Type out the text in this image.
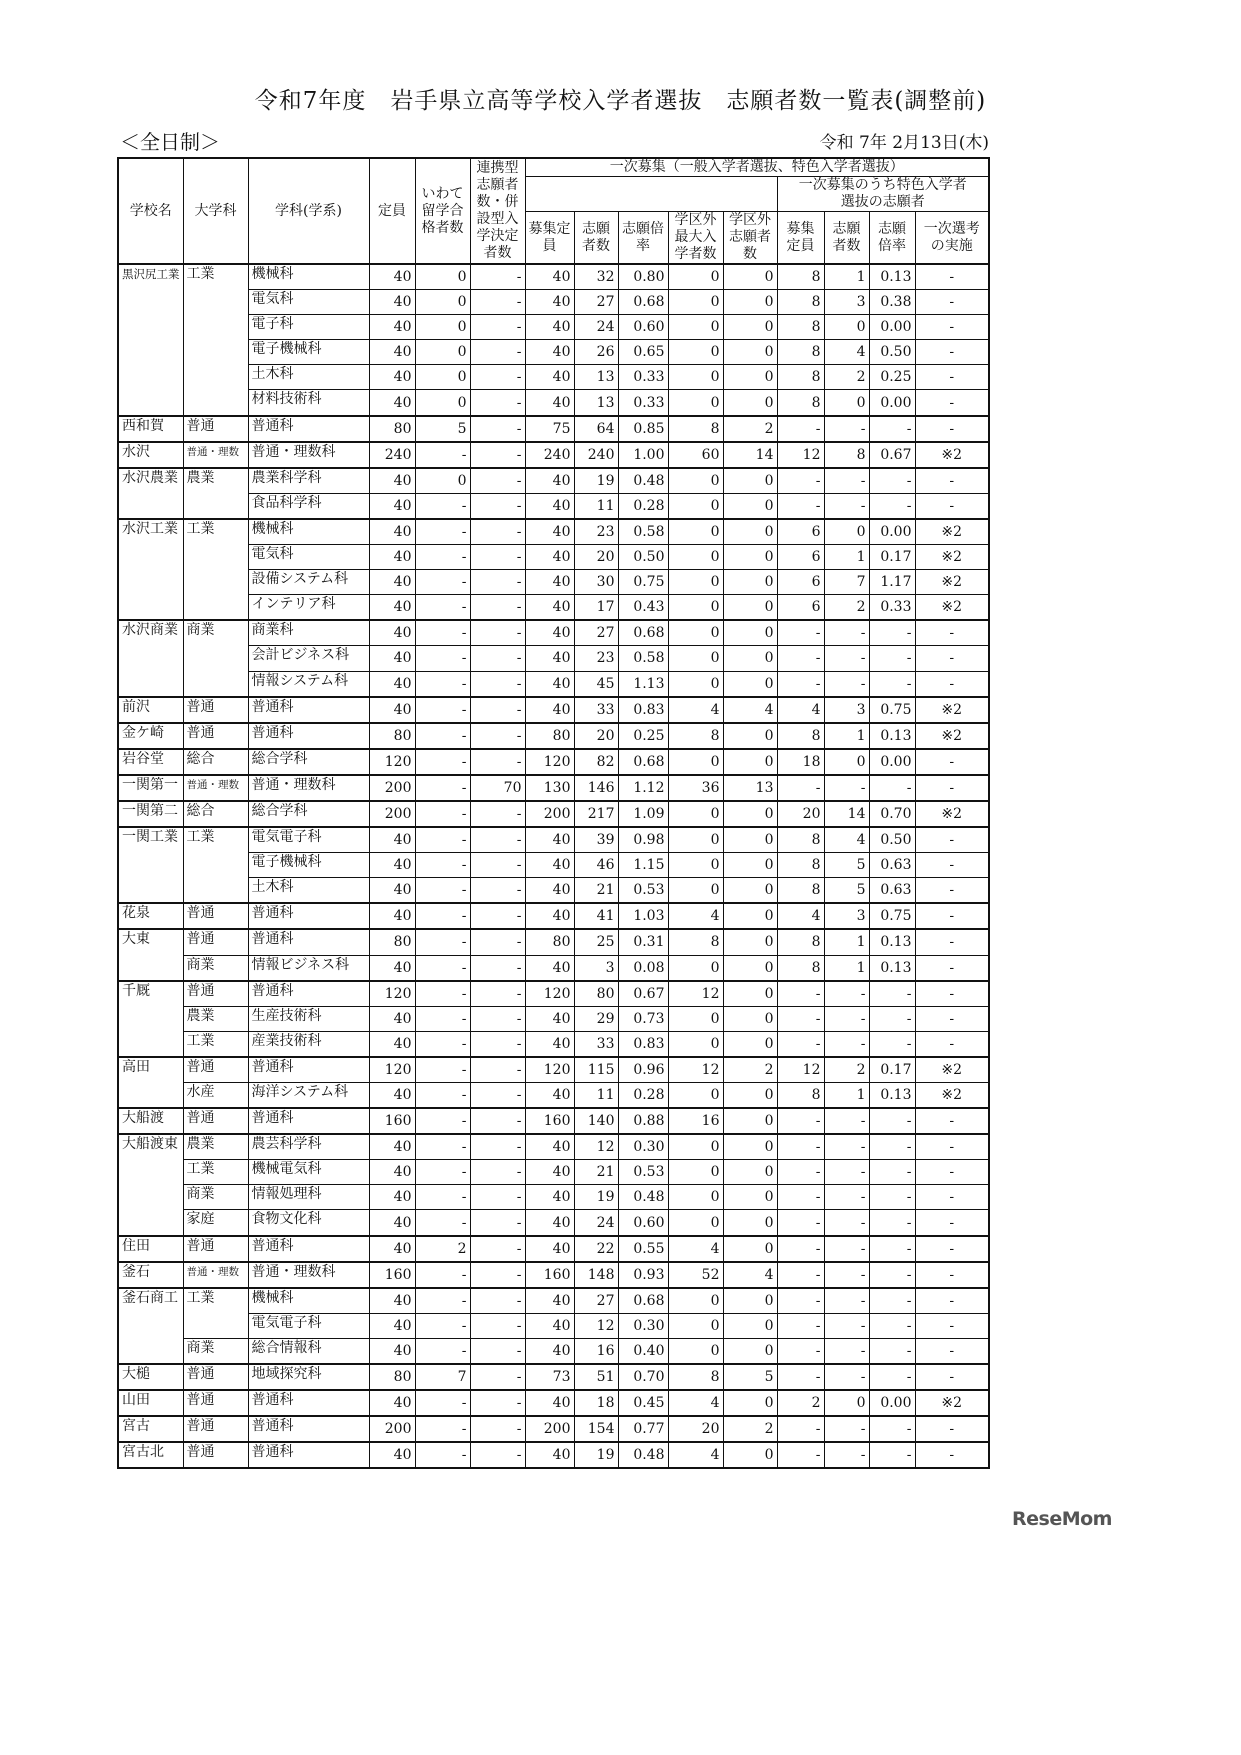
令和7年度　岩手県立高等学校入学者選抜　志願者数一覧表(調整前)
＜全日制＞	令和 7年 2月13日(木)
学校名	大学科	学科(学系)	定員	いわて留学合格者数	連携型志願者数・併設型入学決定者数	一次募集（一般入学者選抜、特色入学者選抜）								
											一次募集のうち特色入学者選抜の志願者			
						募集定員	志願者数	志願倍率	学区外最大入学者数	学区外志願者数	募集定員	志願者数	志願倍率	一次選考の実施
黒沢尻工業	工業	機械科	40	0	-	40	32	0.80	0	0	8	1	0.13	-
		電気科	40	0	-	40	27	0.68	0	0	8	3	0.38	-
		電子科	40	0	-	40	24	0.60	0	0	8	0	0.00	-
		電子機械科	40	0	-	40	26	0.65	0	0	8	4	0.50	-
		土木科	40	0	-	40	13	0.33	0	0	8	2	0.25	-
		材料技術科	40	0	-	40	13	0.33	0	0	8	0	0.00	-
西和賀	普通	普通科	80	5	-	75	64	0.85	8	2	-	-	-	-
水沢	普通・理数	普通・理数科	240	-	-	240	240	1.00	60	14	12	8	0.67	※2
水沢農業	農業	農業科学科	40	0	-	40	19	0.48	0	0	-	-	-	-
		食品科学科	40	-	-	40	11	0.28	0	0	-	-	-	-
水沢工業	工業	機械科	40	-	-	40	23	0.58	0	0	6	0	0.00	※2
		電気科	40	-	-	40	20	0.50	0	0	6	1	0.17	※2
		設備システム科	40	-	-	40	30	0.75	0	0	6	7	1.17	※2
		インテリア科	40	-	-	40	17	0.43	0	0	6	2	0.33	※2
水沢商業	商業	商業科	40	-	-	40	27	0.68	0	0	-	-	-	-
		会計ビジネス科	40	-	-	40	23	0.58	0	0	-	-	-	-
		情報システム科	40	-	-	40	45	1.13	0	0	-	-	-	-
前沢	普通	普通科	40	-	-	40	33	0.83	4	4	4	3	0.75	※2
金ケ崎	普通	普通科	80	-	-	80	20	0.25	8	0	8	1	0.13	※2
岩谷堂	総合	総合学科	120	-	-	120	82	0.68	0	0	18	0	0.00	-
一関第一	普通・理数	普通・理数科	200	-	70	130	146	1.12	36	13	-	-	-	-
一関第二	総合	総合学科	200	-	-	200	217	1.09	0	0	20	14	0.70	※2
一関工業	工業	電気電子科	40	-	-	40	39	0.98	0	0	8	4	0.50	-
		電子機械科	40	-	-	40	46	1.15	0	0	8	5	0.63	-
		土木科	40	-	-	40	21	0.53	0	0	8	5	0.63	-
花泉	普通	普通科	40	-	-	40	41	1.03	4	0	4	3	0.75	-
大東	普通	普通科	80	-	-	80	25	0.31	8	0	8	1	0.13	-
	商業	情報ビジネス科	40	-	-	40	3	0.08	0	0	8	1	0.13	-
千厩	普通	普通科	120	-	-	120	80	0.67	12	0	-	-	-	-
	農業	生産技術科	40	-	-	40	29	0.73	0	0	-	-	-	-
	工業	産業技術科	40	-	-	40	33	0.83	0	0	-	-	-	-
高田	普通	普通科	120	-	-	120	115	0.96	12	2	12	2	0.17	※2
	水産	海洋システム科	40	-	-	40	11	0.28	0	0	8	1	0.13	※2
大船渡	普通	普通科	160	-	-	160	140	0.88	16	0	-	-	-	-
大船渡東	農業	農芸科学科	40	-	-	40	12	0.30	0	0	-	-	-	-
	工業	機械電気科	40	-	-	40	21	0.53	0	0	-	-	-	-
	商業	情報処理科	40	-	-	40	19	0.48	0	0	-	-	-	-
	家庭	食物文化科	40	-	-	40	24	0.60	0	0	-	-	-	-
住田	普通	普通科	40	2	-	40	22	0.55	4	0	-	-	-	-
釜石	普通・理数	普通・理数科	160	-	-	160	148	0.93	52	4	-	-	-	-
釜石商工	工業	機械科	40	-	-	40	27	0.68	0	0	-	-	-	-
		電気電子科	40	-	-	40	12	0.30	0	0	-	-	-	-
	商業	総合情報科	40	-	-	40	16	0.40	0	0	-	-	-	-
大槌	普通	地域探究科	80	7	-	73	51	0.70	8	5	-	-	-	-
山田	普通	普通科	40	-	-	40	18	0.45	4	0	2	0	0.00	※2
宮古	普通	普通科	200	-	-	200	154	0.77	20	2	-	-	-	-
宮古北	普通	普通科	40	-	-	40	19	0.48	4	0	-	-	-	-
ReseMom
